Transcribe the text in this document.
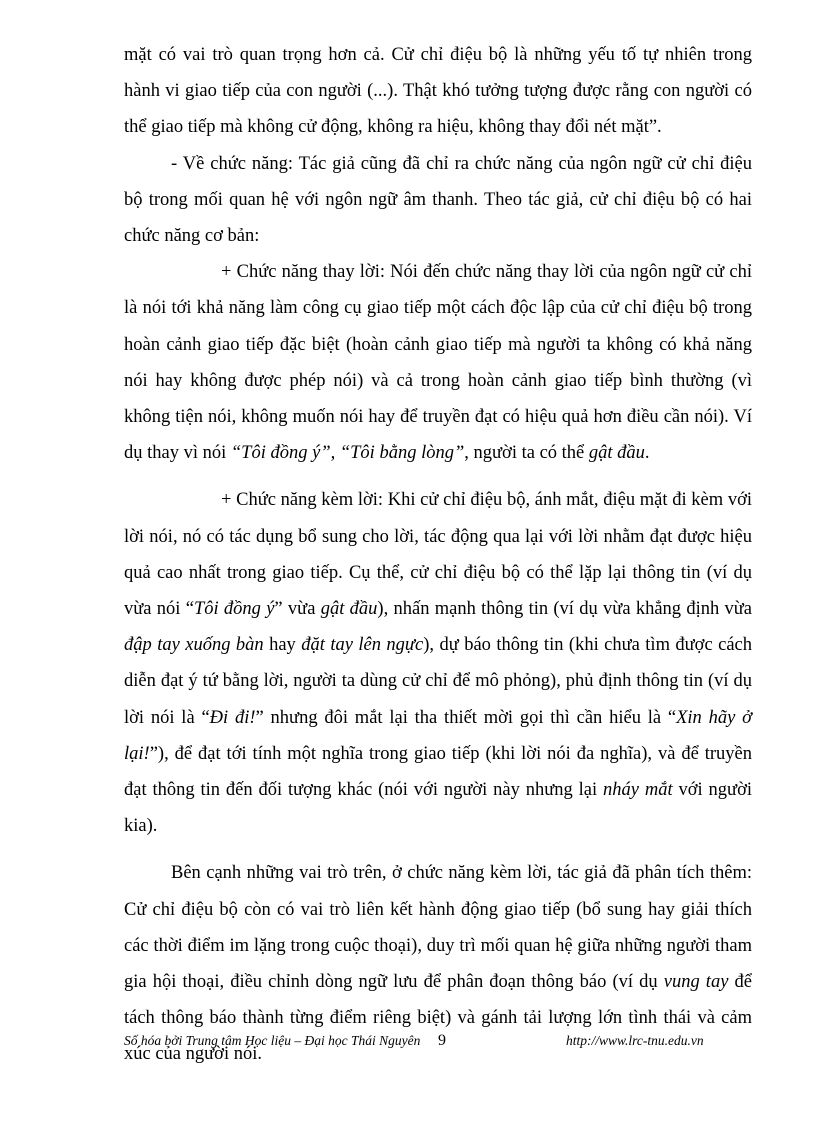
mặt có vai trò quan trọng hơn cả. Cử chỉ điệu bộ là những yếu tố tự nhiên trong hành vi giao tiếp của con người (...). Thật khó tưởng tượng được rằng con người có thể giao tiếp mà không cử động, không ra hiệu, không thay đổi nét mặt”.

- Về chức năng: Tác giả cũng đã chỉ ra chức năng của ngôn ngữ cử chỉ điệu bộ trong mối quan hệ với ngôn ngữ âm thanh. Theo tác giả, cử chỉ điệu bộ có hai chức năng cơ bản:

+ Chức năng thay lời: Nói đến chức năng thay lời của ngôn ngữ cử chỉ là nói tới khả năng làm công cụ giao tiếp một cách độc lập của cử chỉ điệu bộ trong hoàn cảnh giao tiếp đặc biệt (hoàn cảnh giao tiếp mà người ta không có khả năng nói hay không được phép nói) và cả trong hoàn cảnh giao tiếp bình thường (vì không tiện nói, không muốn nói hay để truyền đạt có hiệu quả hơn điều cần nói). Ví dụ thay vì nói “Tôi đồng ý”, “Tôi bằng lòng”, người ta có thể gật đầu.

+ Chức năng kèm lời: Khi cử chỉ điệu bộ, ánh mắt, điệu mặt đi kèm với lời nói, nó có tác dụng bổ sung cho lời, tác động qua lại với lời nhằm đạt được hiệu quả cao nhất trong giao tiếp. Cụ thể, cử chỉ điệu bộ có thể lặp lại thông tin (ví dụ vừa nói “Tôi đồng ý” vừa gật đầu), nhấn mạnh thông tin (ví dụ vừa khẳng định vừa đập tay xuống bàn hay đặt tay lên ngực), dự báo thông tin (khi chưa tìm được cách diễn đạt ý tứ bằng lời, người ta dùng cử chỉ để mô phỏng), phủ định thông tin (ví dụ lời nói là “Đi đi!” nhưng đôi mắt lại tha thiết mời gọi thì cần hiểu là “Xin hãy ở lại!”), để đạt tới tính một nghĩa trong giao tiếp (khi lời nói đa nghĩa), và để truyền đạt thông tin đến đối tượng khác (nói với người này nhưng lại nháy mắt với người kia).

Bên cạnh những vai trò trên, ở chức năng kèm lời, tác giả đã phân tích thêm: Cử chỉ điệu bộ còn có vai trò liên kết hành động giao tiếp (bổ sung hay giải thích các thời điểm im lặng trong cuộc thoại), duy trì mối quan hệ giữa những người tham gia hội thoại, điều chỉnh dòng ngữ lưu để phân đoạn thông báo (ví dụ vung tay để tách thông báo thành từng điểm riêng biệt) và gánh tải lượng lớn tình thái và cảm xúc của người nói.

Số hóa bởi Trung tâm Học liệu – Đại học Thái Nguyên 9	http://www.lrc-tnu.edu.vn
